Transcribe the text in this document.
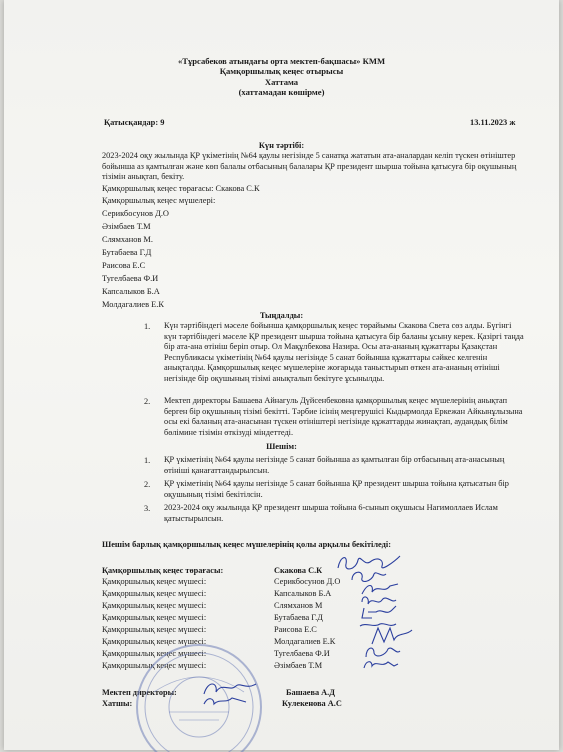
«Тұрсабеков атындағы орта мектеп-бақшасы» КММ
Қамқоршылық кеңес отырысы
Хаттама
(хаттамадан көшірме)
Қатысқандар: 9	13.11.2023 ж
Күн тәртібі:
2023-2024 оқу жылында ҚР үкіметінің №64 қаулы негізінде 5 санатқа жататын ата-аналардан келіп түскен өтініштер бойынша аз қамтылған және көп балалы отбасының балалары ҚР президент шырша тойына қатысуға бір оқушының тізімін анықтап, бекіту.
Қамқоршылық кеңес төрағасы: Скакова С.К
Қамқоршылық кеңес мүшелері:
Серикбосунов Д.О
Әзімбаев Т.М
Слямханов М.
Бутабаева Г.Д
Раисова Е.С
Тугелбаева Ф.И
Капсалыков Б.А
Молдагалиев Е.К
Тыңдалды:
1. Күн тәртібіндегі мәселе бойынша қамқоршылық кеңес төрайымы Скакова Света сөз алды. Бүгінгі күн тәртібіндегі мәселе ҚР президент шырша тойына қатысуға бір баланы ұсыну керек. Қазіргі таңда бір ата-ана өтініш беріп отыр. Ол Мақұлбекова Назира. Осы ата-ананың құжаттары Қазақстан Республикасы үкіметінің №64 қаулы негізінде 5 санат бойынша құжаттары сәйкес келгенін анықталды. Қамқоршылық кеңес мүшелеріне жоғарыда таныстырып өткен ата-ананың өтініші негізінде бір оқушының тізімі анықталып бекітуге ұсынылды.
2. Мектеп директоры Башаева Айнагуль Дүйсенбековна қамқоршылық кеңес мүшелерінің анықтап берген бір оқушының тізімі бекітті. Тәрбие ісінің меңгерушісі Кыдырмолда Еркежан Айкынұлызына осы екі баланың ата-анасынан түскен өтініштері негізінде құжаттарды жинақтап, аудандық білім бөлімине тізімін өткізуді міндеттеді.
Шешім:
1. ҚР үкіметінің №64 қаулы негізінде 5 санат бойынша аз қамтылған бір отбасының ата-анасының өтініші қанағаттандырылсын.
2. ҚР үкіметінің №64 қаулы негізінде 5 санат бойынша ҚР президент шырша тойына қатысатын бір оқушының тізімі бекітілсін.
3. 2023-2024 оқу жылында ҚР президент шырша тойына 6-сынып оқушысы Нагимоллаев Ислам қатыстырылсын.
Шешім барлық қамқоршылық кеңес мүшелерінің қолы арқылы бекітіледі:
Қамқоршылық кеңес төрағасы:	Скакова С.К
Қамқоршылық кеңес мүшесі:	Серикбосунов Д.О
Қамқоршылық кеңес мүшесі:	Капсалыков Б.А
Қамқоршылық кеңес мүшесі:	Слямханов М
Қамқоршылық кеңес мүшесі:	Бутабаева Г.Д
Қамқоршылық кеңес мүшесі:	Раисова Е.С
Қамқоршылық кеңес мүшесі:	Молдагалиев Е.К
Қамқоршылық кеңес мүшесі:	Тугелбаева Ф.И
Қамқоршылық кеңес мүшесі:	Әзімбаев Т.М
Мектеп директоры:	Башаева А.Д
Хатшы:	Кулекенова А.С
